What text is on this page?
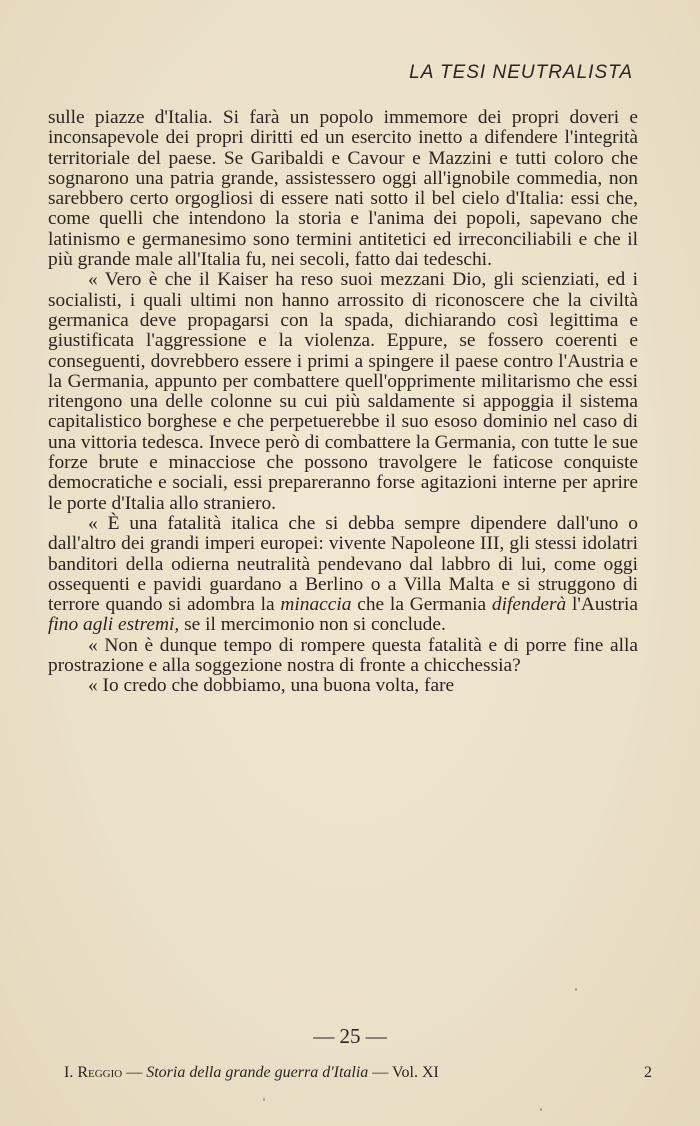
LA TESI NEUTRALISTA

sulle piazze d'Italia. Si farà un popolo immemore dei propri doveri e inconsapevole dei propri diritti ed un esercito inetto a difendere l'integrità territoriale del paese. Se Garibaldi e Cavour e Mazzini e tutti coloro che sognarono una patria grande, assistessero oggi all'ignobile commedia, non sarebbero certo orgogliosi di essere nati sotto il bel cielo d'Italia: essi che, come quelli che intendono la storia e l'anima dei popoli, sapevano che latinismo e germanesimo sono termini antitetici ed irreconciliabili e che il più grande male all'Italia fu, nei secoli, fatto dai tedeschi.

« Vero è che il Kaiser ha reso suoi mezzani Dio, gli scienziati, ed i socialisti, i quali ultimi non hanno arrossito di riconoscere che la civiltà germanica deve propagarsi con la spada, dichiarando così legittima e giustificata l'aggressione e la violenza. Eppure, se fossero coerenti e conseguenti, dovrebbero essere i primi a spingere il paese contro l'Austria e la Germania, appunto per combattere quell'opprimente militarismo che essi ritengono una delle colonne su cui più saldamente si appoggia il sistema capitalistico borghese e che perpetuerebbe il suo esoso dominio nel caso di una vittoria tedesca. Invece però di combattere la Germania, con tutte le sue forze brute e minacciose che possono travolgere le faticose conquiste democratiche e sociali, essi prepareranno forse agitazioni interne per aprire le porte d'Italia allo straniero.

« È una fatalità italica che si debba sempre dipendere dall'uno o dall'altro dei grandi imperi europei: vivente Napoleone III, gli stessi idolatri banditori della odierna neutralità pendevano dal labbro di lui, come oggi ossequenti e pavidi guardano a Berlino o a Villa Malta e si struggono di terrore quando si adombra la minaccia che la Germania difenderà l'Austria fino agli estremi, se il mercimonio non si conclude.

« Non è dunque tempo di rompere questa fatalità e di porre fine alla prostrazione e alla soggezione nostra di fronte a chicchessia?

« Io credo che dobbiamo, una buona volta, fare

— 25 —
I. Reggio — Storia della grande guerra d'Italia — Vol. XI	2
